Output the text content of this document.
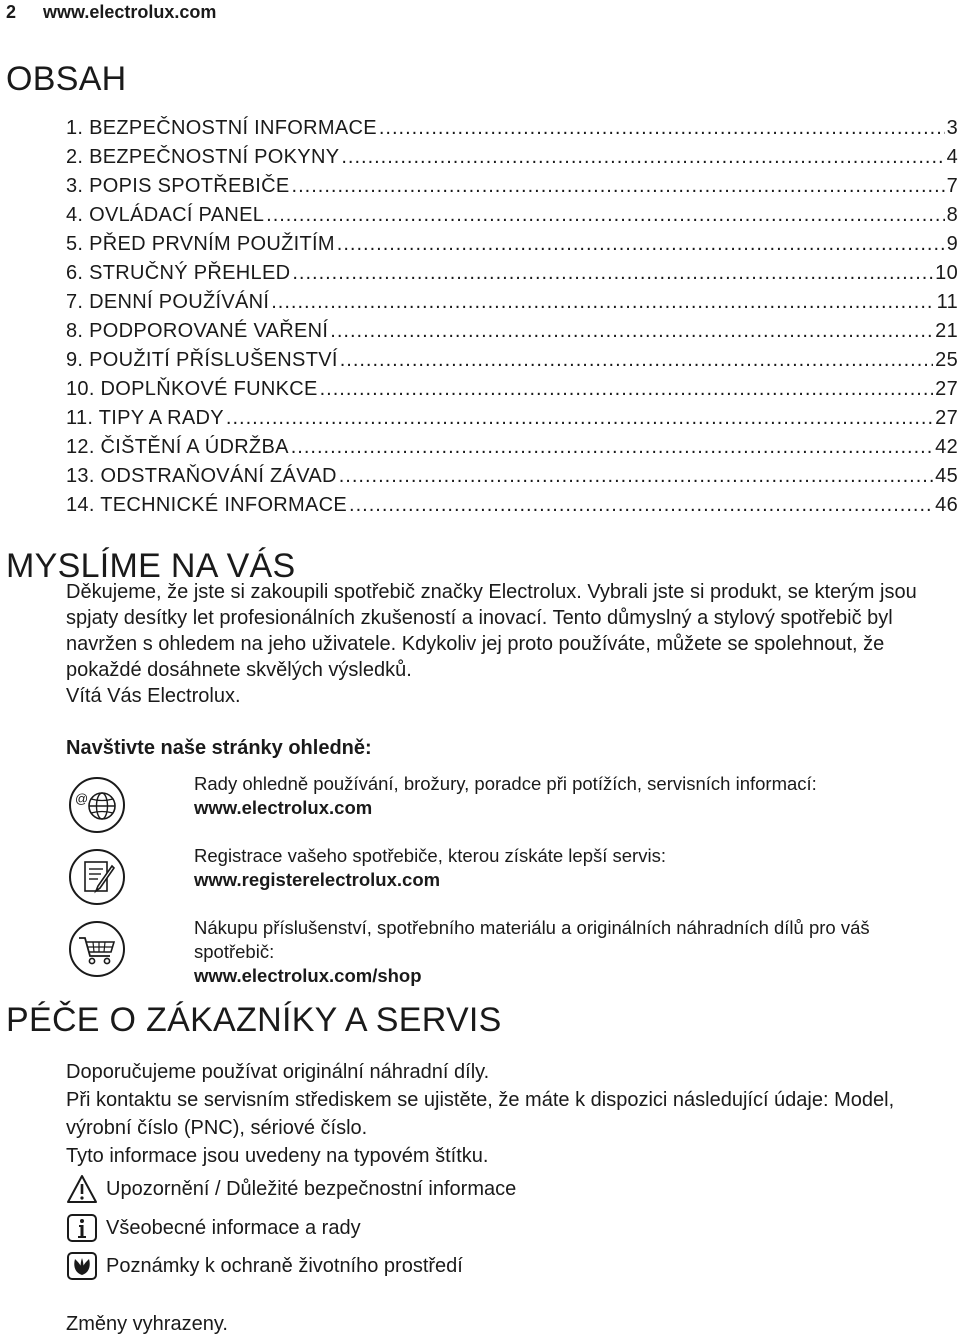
2 www.electrolux.com
OBSAH
1. BEZPEČNOSTNÍ INFORMACE .....	3
2. BEZPEČNOSTNÍ POKYNY .....	4
3. POPIS SPOTŘEBIČE .....	7
4. OVLÁDACÍ PANEL .....	8
5. PŘED PRVNÍM POUŽITÍM .....	9
6. STRUČNÝ PŘEHLED .....	10
7. DENNÍ POUŽÍVÁNÍ .....	11
8. PODPOROVANÉ VAŘENÍ .....	21
9. POUŽITÍ PŘÍSLUŠENSTVÍ .....	25
10. DOPLŇKOVÉ FUNKCE .....	27
11. TIPY A RADY .....	27
12. ČIŠTĚNÍ A ÚDRŽBA .....	42
13. ODSTRAŇOVÁNÍ ZÁVAD .....	45
14. TECHNICKÉ INFORMACE .....	46
MYSLÍME NA VÁS

Děkujeme, že jste si zakoupili spotřebič značky Electrolux. Vybrali jste si produkt, se kterým jsou spjaty desítky let profesionálních zkušeností a inovací. Tento důmyslný a stylový spotřebič byl navržen s ohledem na jeho uživatele. Kdykoliv jej proto používáte, můžete se spolehnout, že pokaždé dosáhnete skvělých výsledků.

Vítá Vás Electrolux.

Navštivte naše stránky ohledně:
@
Rady ohledně používání, brožury, poradce při potížích, servisních informací:
www.electrolux.com
Registrace vašeho spotřebiče, kterou získáte lepší servis:
www.registerelectrolux.com
Nákupu příslušenství, spotřebního materiálu a originálních náhradních dílů pro váš spotřebič:
www.electrolux.com/shop
PÉČE O ZÁKAZNÍKY A SERVIS

Doporučujeme používat originální náhradní díly.

Při kontaktu se servisním střediskem se ujistěte, že máte k dispozici následující údaje: Model, výrobní číslo (PNC), sériové číslo.

Tyto informace jsou uvedeny na typovém štítku.

Upozornění / Důležité bezpečnostní informace
Všeobecné informace a rady
Poznámky k ochraně životního prostředí
Změny vyhrazeny.
